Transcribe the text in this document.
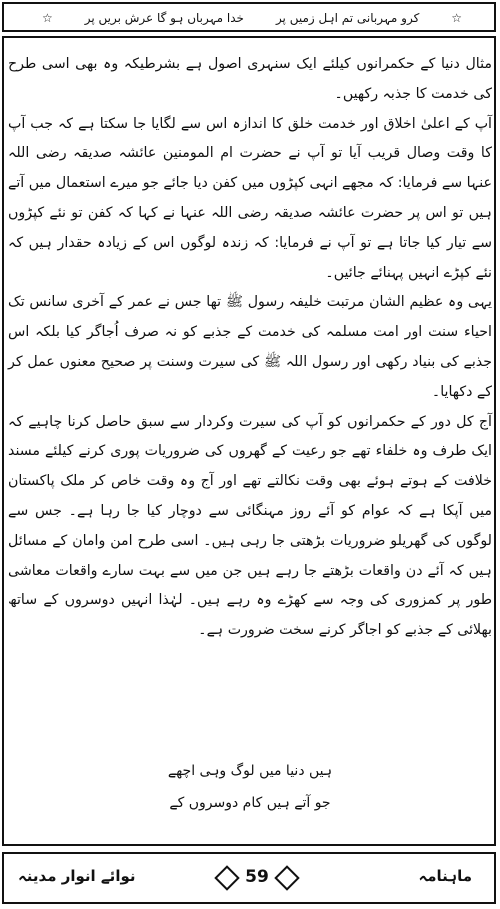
☆
کرو مہربانی تم اہل زمیں پر
خدا مہرباں ہو گا عرش بریں پر
☆

مثال دنیا کے حکمرانوں کیلئے ایک سنہری اصول ہے بشرطیکہ وہ بھی اسی طرح کی خدمت کا جذبہ رکھیں۔

آپ کے اعلیٰ اخلاق اور خدمت خلق کا اندازہ اس سے لگایا جا سکتا ہے کہ جب آپ کا وقت وصال قریب آیا تو آپ نے حضرت ام المومنین عائشہ صدیقہ رضی اللہ عنہا سے فرمایا: کہ مجھے انہی کپڑوں میں کفن دیا جائے جو میرے استعمال میں آتے ہیں تو اس پر حضرت عائشہ صدیقہ رضی اللہ عنہا نے کہا کہ کفن تو نئے کپڑوں سے تیار کیا جاتا ہے تو آپ نے فرمایا: کہ زندہ لوگوں اس کے زیادہ حقدار ہیں کہ نئے کپڑے انہیں پہنائے جائیں۔

یہی وہ عظیم الشان مرتبت خلیفہ رسول ﷺ تھا جس نے عمر کے آخری سانس تک احیاء سنت اور امت مسلمہ کی خدمت کے جذبے کو نہ صرف اُجاگر کیا بلکہ اس جذبے کی بنیاد رکھی اور رسول اللہ ﷺ کی سیرت وسنت پر صحیح معنوں عمل کر کے دکھایا۔

آج کل دور کے حکمرانوں کو آپ کی سیرت وکردار سے سبق حاصل کرنا چاہیے کہ ایک طرف وہ خلفاء تھے جو رعیت کے گھروں کی ضروریات پوری کرنے کیلئے مسند خلافت کے ہوتے ہوئے بھی وقت نکالتے تھے اور آج وہ وقت خاص کر ملک پاکستان میں آپکا ہے کہ عوام کو آئے روز مہنگائی سے دوچار کیا جا رہا ہے۔ جس سے لوگوں کی گھریلو ضروریات بڑھتی جا رہی ہیں۔ اسی طرح امن وامان کے مسائل ہیں کہ آئے دن واقعات بڑھتے جا رہے ہیں جن میں سے بہت سارے واقعات معاشی طور پر کمزوری کی وجہ سے کھڑے وہ رہے ہیں۔ لہٰذا انہیں دوسروں کے ساتھ بھلائی کے جذبے کو اجاگر کرنے سخت ضرورت ہے۔

ہیں دنیا میں لوگ وہی اچھے
جو آتے ہیں کام دوسروں کے
نوائے انوار مدینہ	59	ماہنامہ
